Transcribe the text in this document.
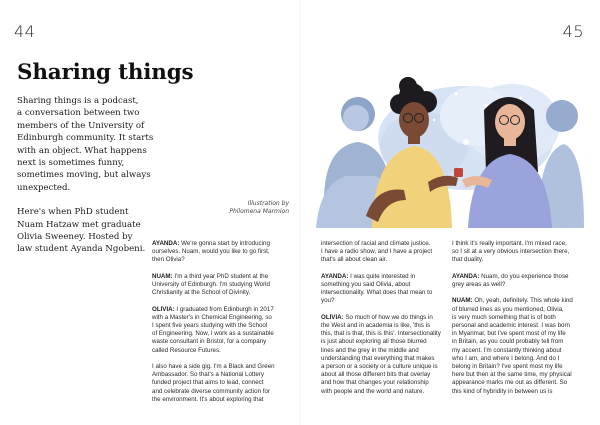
44	45
Sharing things

Sharing things is a podcast,
a conversation between two
members of the University of
Edinburgh community. It starts
with an object. What happens
next is sometimes funny,
sometimes moving, but always
unexpected.

Here's when PhD student
Nuam Hatzaw met graduate
Olivia Sweeney. Hosted by
law student Ayanda Ngobeni.

Illustration by
Philomena Marmion

AYANDA: We're gonna start by introducing
ourselves. Nuam, would you like to go first,
then Olivia?

NUAM: I'm a third year PhD student at the
University of Edinburgh. I'm studying World
Christianity at the School of Divinity.

OLIVIA: I graduated from Edinburgh in 2017
with a Master's in Chemical Engineering, so
I spent five years studying with the School
of Engineering. Now, I work as a sustainable
waste consultant in Bristol, for a company
called Resource Futures.

I also have a side gig. I'm a Black and Green
Ambassador. So that's a National Lottery
funded project that aims to lead, connect
and celebrate diverse community action for
the environment. It's about exploring that

intersection of racial and climate justice.
I have a radio show, and I have a project
that's all about clean air.

AYANDA: I was quite interested in
something you said Olivia, about
intersectionality. What does that mean to
you?

OLIVIA: So much of how we do things in
the West and in academia is like, 'this is
this, that is that, this is this'. Intersectionality
is just about exploring all those blurred
lines and the grey in the middle and
understanding that everything that makes
a person or a society or a culture unique is
about all those different bits that overlay
and how that changes your relationship
with people and the world and nature.

I think it's really important. I'm mixed race,
so I sit at a very obvious intersection there,
that duality.

AYANDA: Nuam, do you experience those
grey areas as well?

NUAM: Oh, yeah, definitely. This whole kind
of blurred lines as you mentioned, Olivia,
is very much something that is of both
personal and academic interest. I was born
in Myanmar, but I've spent most of my life
in Britain, as you could probably tell from
my accent. I'm constantly thinking about
who I am, and where I belong. And do I
belong in Britain? I've spent most my life
here but then at the same time, my physical
appearance marks me out as different. So
this kind of hybridity in between us is
